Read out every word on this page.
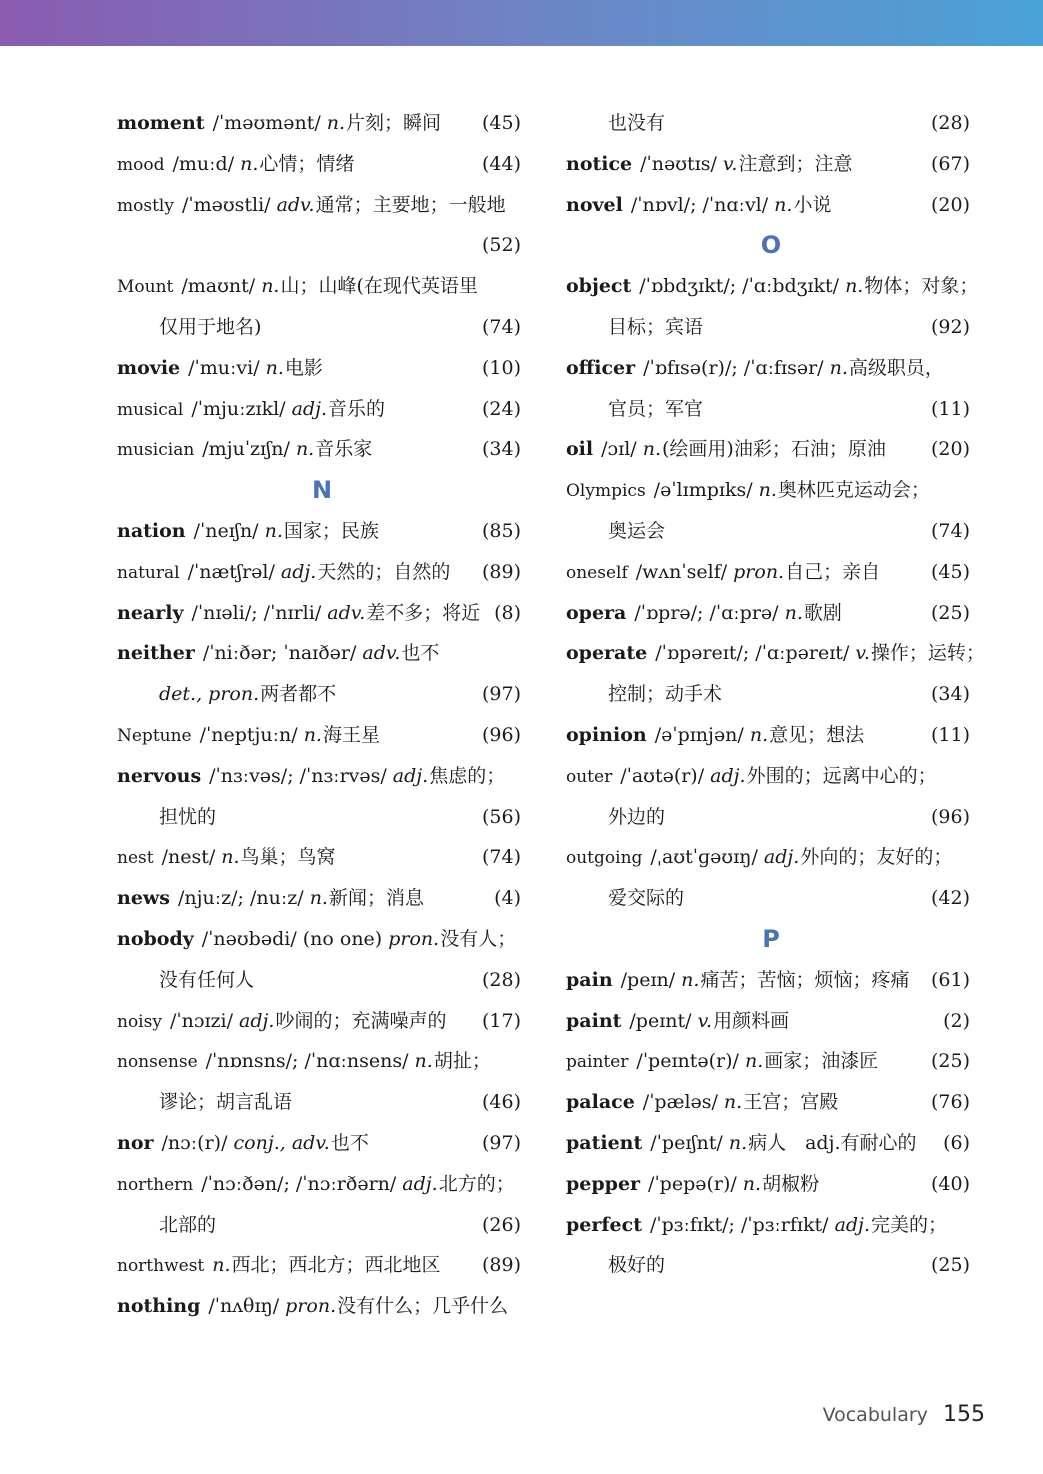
moment /ˈməʊmənt/ n.片刻；瞬间 (45)
mood /muːd/ n.心情；情绪	(44)
mostly /ˈməʊstli/ adv.通常；主要地；一般地
(52)
Mount /maʊnt/ n.山；山峰(在现代英语里
仅用于地名)	(74)
movie /ˈmuːvi/ n.电影	(10)
musical /ˈmjuːzɪkl/ adj.音乐的	(24)
musician /mjuˈzɪʃn/ n.音乐家	(34)
N
nation /ˈneɪʃn/ n.国家；民族	(85)
natural /ˈnætʃrəl/ adj.天然的；自然的 (89)
nearly /ˈnɪəli/; /ˈnɪrli/ adv.差不多；将近 (8)
neither /ˈniːðər; ˈnaɪðər/ adv.也不
det., pron.两者都不	(97)
Neptune /ˈneptjuːn/ n.海王星	(96)
nervous /ˈnɜːvəs/; /ˈnɜːrvəs/ adj.焦虑的；
担忧的	(56)
nest /nest/ n.鸟巢；鸟窝	(74)
news /njuːz/; /nuːz/ n.新闻；消息	(4)
nobody /ˈnəʊbədi/ (no one) pron.没有人；
没有任何人	(28)
noisy /ˈnɔɪzi/ adj.吵闹的；充满噪声的 (17)
nonsense /ˈnɒnsns/; /ˈnɑːnsens/ n.胡扯；
谬论；胡言乱语	(46)
nor /nɔː(r)/ conj., adv.也不	(97)
northern /ˈnɔːðən/; /ˈnɔːrðərn/ adj.北方的；
北部的	(26)
northwest n.西北；西北方；西北地区 (89)
nothing /ˈnʌθɪŋ/ pron.没有什么；几乎什么
也没有	(28)
notice /ˈnəʊtɪs/ v.注意到；注意	(67)
novel /ˈnɒvl/; /ˈnɑːvl/ n.小说	(20)
O
object /ˈɒbdʒɪkt/; /ˈɑːbdʒɪkt/ n.物体；对象；
目标；宾语	(92)
officer /ˈɒfɪsə(r)/; /ˈɑːfɪsər/ n.高级职员，
官员；军官	(11)
oil /ɔɪl/ n.(绘画用)油彩；石油；原油 (20)
Olympics /əˈlɪmpɪks/ n.奥林匹克运动会；
奥运会	(74)
oneself /wʌnˈself/ pron.自己；亲自	(45)
opera /ˈɒprə/; /ˈɑːprə/ n.歌剧	(25)
operate /ˈɒpəreɪt/; /ˈɑːpəreɪt/ v.操作；运转；
控制；动手术	(34)
opinion /əˈpɪnjən/ n.意见；想法	(11)
outer /ˈaʊtə(r)/ adj.外围的；远离中心的；
外边的	(96)
outgoing /ˌaʊtˈɡəʊɪŋ/ adj.外向的；友好的；
爱交际的	(42)
P
pain /peɪn/ n.痛苦；苦恼；烦恼；疼痛 (61)
paint /peɪnt/ v.用颜料画	(2)
painter /ˈpeɪntə(r)/ n.画家；油漆匠	(25)
palace /ˈpæləs/ n.王宫；宫殿	(76)
patient /ˈpeɪʃnt/ n.病人　adj.有耐心的 (6)
pepper /ˈpepə(r)/ n.胡椒粉	(40)
perfect /ˈpɜːfɪkt/; /ˈpɜːrfɪkt/ adj.完美的；
极好的	(25)
Vocabulary 155
